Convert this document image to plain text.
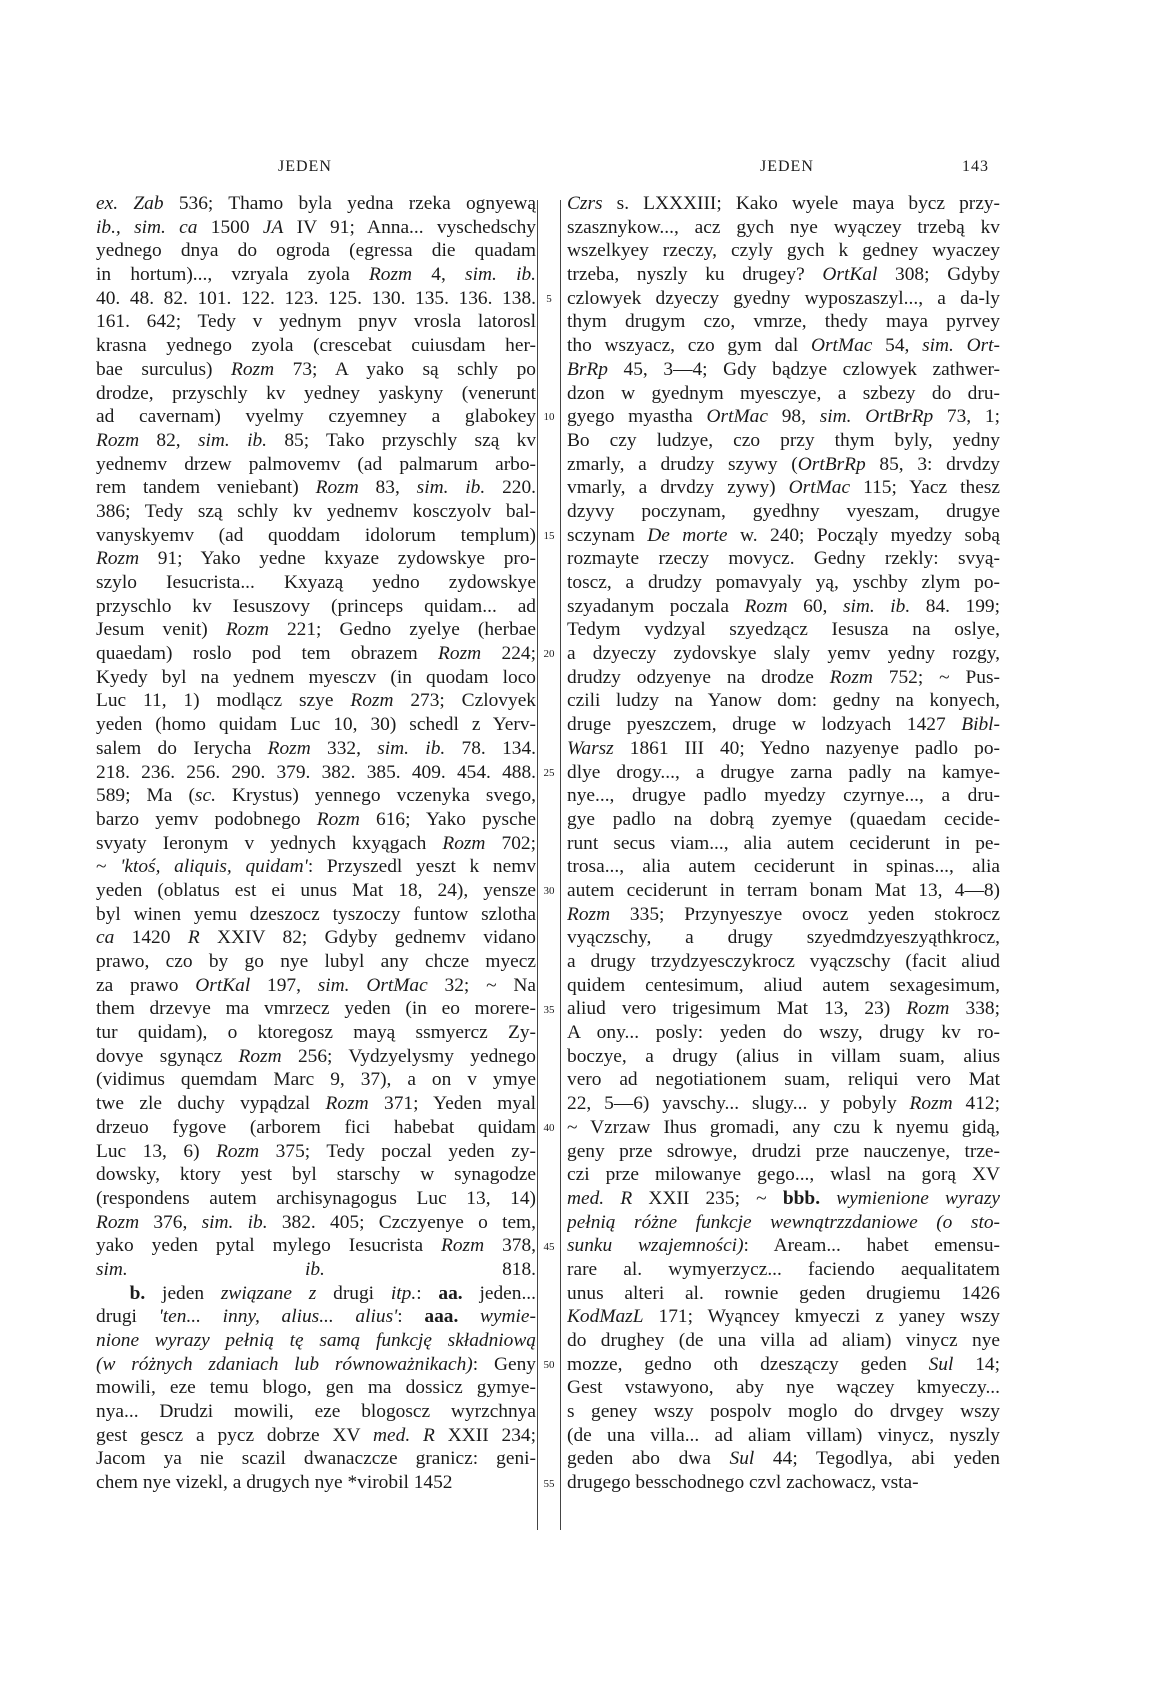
JEDEN	JEDEN	143
ex. Zab 536; Thamo byla yedna rzeka ognyewą
ib., sim. ca 1500 JA IV 91; Anna... vyschedschy
yednego dnya do ogroda (egressa die quadam
in hortum)..., vzryala zyola Rozm 4, sim. ib.
40. 48. 82. 101. 122. 123. 125. 130. 135. 136. 138.
161. 642; Tedy v yednym pnyv vrosla latorosl
krasna yednego zyola (crescebat cuiusdam her-
bae surculus) Rozm 73; A yako są schly po
drodze, przyschly kv yedney yaskyny (venerunt
ad cavernam) vyelmy czyemney a glabokey
Rozm 82, sim. ib. 85; Tako przyschly szą kv
yednemv drzew palmovemv (ad palmarum arbo-
rem tandem veniebant) Rozm 83, sim. ib. 220.
386; Tedy szą schly kv yednemv kosczyolv bal-
vanyskyemv (ad quoddam idolorum templum)
Rozm 91; Yako yedne kxyaze zydowskye pro-
szylo Iesucrista... Kxyazą yedno zydowskye
przyschlo kv Iesuszovy (princeps quidam... ad
Jesum venit) Rozm 221; Gedno zyelye (herbae
quaedam) roslo pod tem obrazem Rozm 224;
Kyedy byl na yednem myesczv (in quodam loco
Luc 11, 1) modląсz szye Rozm 273; Czlovyek
yeden (homo quidam Luc 10, 30) schedl z Yerv-
salem do Ierycha Rozm 332, sim. ib. 78. 134.
218. 236. 256. 290. 379. 382. 385. 409. 454. 488.
589; Ma (sc. Krystus) yennego vczenyka svego,
barzo yemv podobnego Rozm 616; Yako pysche
svyaty Ieronym v yednych kxyągach Rozm 702;
~ 'ktoś, aliquis, quidam': Przyszedl yeszt k nemv
yeden (oblatus est ei unus Mat 18, 24), yensze
byl winen yemu dzeszocz tyszoczy funtow szlotha
ca 1420 R XXIV 82; Gdyby gednemv vidano
prawo, czo by go nye lubyl any chcze myecz
za prawo OrtKal 197, sim. OrtMac 32; ~ Na
them drzevye ma vmrzecz yeden (in eo morere-
tur quidam), o ktoregosz mayą ssmyercz Zy-
dovye sgynącz Rozm 256; Vydzyelysmy yednego
(vidimus quemdam Marc 9, 37), a on v ymye
twe zle duchy vypądzal Rozm 371; Yeden myal
drzeuo fygove (arborem fici habebat quidam
Luc 13, 6) Rozm 375; Tedy poczal yeden zy-
dowsky, ktory yest byl starschy w synagodze
(respondens autem archisynagogus Luc 13, 14)
Rozm 376, sim. ib. 382. 405; Czczyenye o tem,
yako yeden pytal mylego Iesucrista Rozm 378,
sim. ib. 818.
b. jeden związane z drugi itp.: aa. jeden...
drugi 'ten... inny, alius... alius': aaa. wymie-
nione wyrazy pełnią tę samą funkcję składniową
(w różnych zdaniach lub równoważnikach): Geny
mowili, eze temu blogo, gen ma dossicz gymye-
nya... Drudzi mowili, eze blogoscz wyrzchnya
gest gescz a pycz dobrze XV med. R XXII 234;
Jacom ya nie scazil dwanaczcze granicz: geni-
chem nye vizekl, a drugych nye *virobil 1452
5
10
15
20
25
30
35
40
45
50
55
Czrs s. LXXXIII; Kako wyele maya bycz przy-
szasznykow..., acz gych nye wyączey trzebą kv
wszelkyey rzeczy, czyly gych k gedney wyaczey
trzeba, nyszly ku drugey? OrtKal 308; Gdyby
czlowyek dzyeczy gyedny wyposzaszyl..., a da-ly
thym drugym czo, vmrze, thedy maya pyrvey
tho wszyacz, czo gym dal OrtMac 54, sim. Ort-
BrRp 45, 3—4; Gdy bądzye czlowyek zathwer-
dzon w gyednym myesczye, a szbezy do dru-
gyego myastha OrtMac 98, sim. OrtBrRp 73, 1;
Bo czy ludzye, czo przy thym byly, yedny
zmarly, a drudzy szywy (OrtBrRp 85, 3: drvdzy
vmarly, a drvdzy zywy) OrtMac 115; Yacz thesz
dzyvy poczynam, gyedhny vyeszam, drugye
sczynam De morte w. 240; Począly myedzy sobą
rozmayte rzeczy movycz. Gedny rzekly: svyą-
toscz, a drudzy pomavyaly yą, yschby zlym po-
szyadanym poczala Rozm 60, sim. ib. 84. 199;
Tedym vydzyal szyedzącz Iesusza na oslye,
a dzyeczy zydovskye slaly yemv yedny rozgy,
drudzy odzyenye na drodze Rozm 752; ~ Pus-
czili ludzy na Yanow dom: gedny na konyech,
druge pyeszczem, druge w lodzyach 1427 Bibl-
Warsz 1861 III 40; Yedno nazyenye padlo po-
dlye drogy..., a drugye zarna padly na kamye-
nye..., drugye padlo myedzy czyrnye..., a dru-
gye padlo na dobrą zyemye (quaedam cecide-
runt secus viam..., alia autem ceciderunt in pe-
trosa..., alia autem ceciderunt in spinas..., alia
autem ceciderunt in terram bonam Mat 13, 4—8)
Rozm 335; Przynyeszye ovocz yeden stokrocz
vyączschy, a drugy szyedmdzyeszyąthkrocz,
a drugy trzydzyesczykrocz vyączschy (facit aliud
quidem centesimum, aliud autem sexagesimum,
aliud vero trigesimum Mat 13, 23) Rozm 338;
A ony... posly: yeden do wszy, drugy kv ro-
boczye, a drugy (alius in villam suam, alius
vero ad negotiationem suam, reliqui vero Mat
22, 5—6) yavschy... slugy... y pobyly Rozm 412;
~ Vzrzaw Ihus gromadi, any czu k nyemu gidą,
geny prze sdrowye, drudzi prze nauczenye, trze-
czi prze milowanye gego..., wlasl na gorą XV
med. R XXII 235; ~ bbb. wymienione wyrazy
pełnią różne funkcje wewnątrzzdaniowe (o sto-
sunku wzajemności): Aream... habet emensu-
rare al. wymyerzycz... faciendo aequalitatem
unus alteri al. rownie geden drugiemu 1426
KodMazL 171; Wyąncey kmyeczi z yaney wszy
do drughey (de una villa ad aliam) vinycz nye
mozze, gedno oth dzeszączy geden Sul 14;
Gest vstawyono, aby nye wączey kmyeczy...
s geney wszy pospolv moglo do drvgey wszy
(de una villa... ad aliam villam) vinycz, nyszly
geden abo dwa Sul 44; Tegodlya, abi yeden
drugego besschodnego czvl zachowacz, vsta-
